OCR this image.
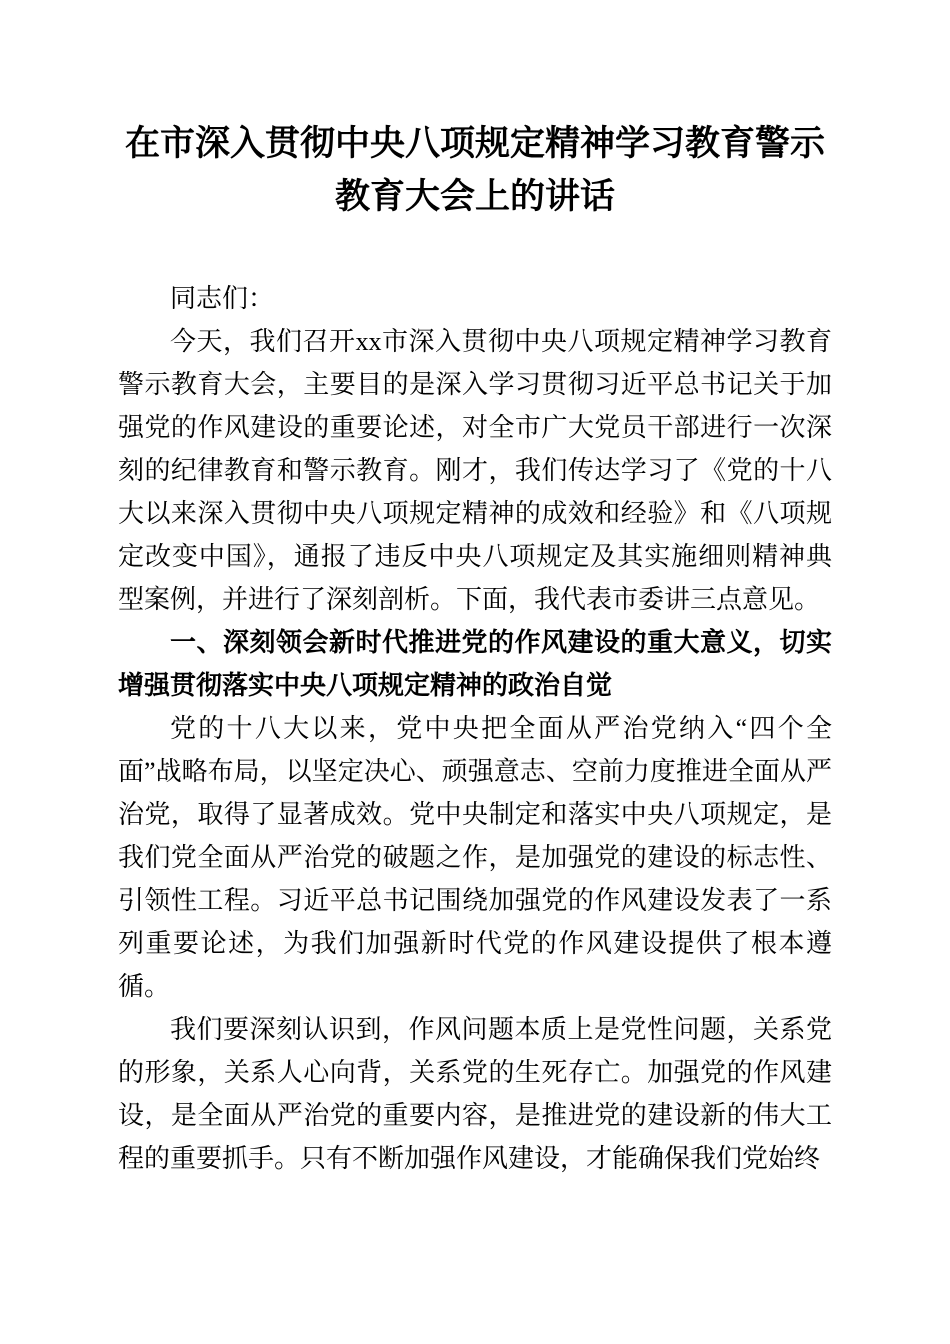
在市深入贯彻中央八项规定精神学习教育警示教育大会上的讲话

同志们：

今天，我们召开xx市深入贯彻中央八项规定精神学习教育警示教育大会，主要目的是深入学习贯彻习近平总书记关于加强党的作风建设的重要论述，对全市广大党员干部进行一次深刻的纪律教育和警示教育。刚才，我们传达学习了《党的十八大以来深入贯彻中央八项规定精神的成效和经验》和《八项规定改变中国》，通报了违反中央八项规定及其实施细则精神典型案例，并进行了深刻剖析。下面，我代表市委讲三点意见。

一、深刻领会新时代推进党的作风建设的重大意义，切实增强贯彻落实中央八项规定精神的政治自觉

党的十八大以来，党中央把全面从严治党纳入“四个全面”战略布局，以坚定决心、顽强意志、空前力度推进全面从严治党，取得了显著成效。党中央制定和落实中央八项规定，是我们党全面从严治党的破题之作，是加强党的建设的标志性、引领性工程。习近平总书记围绕加强党的作风建设发表了一系列重要论述，为我们加强新时代党的作风建设提供了根本遵循。

我们要深刻认识到，作风问题本质上是党性问题，关系党的形象，关系人心向背，关系党的生死存亡。加强党的作风建设，是全面从严治党的重要内容，是推进党的建设新的伟大工程的重要抓手。只有不断加强作风建设，才能确保我们党始终
